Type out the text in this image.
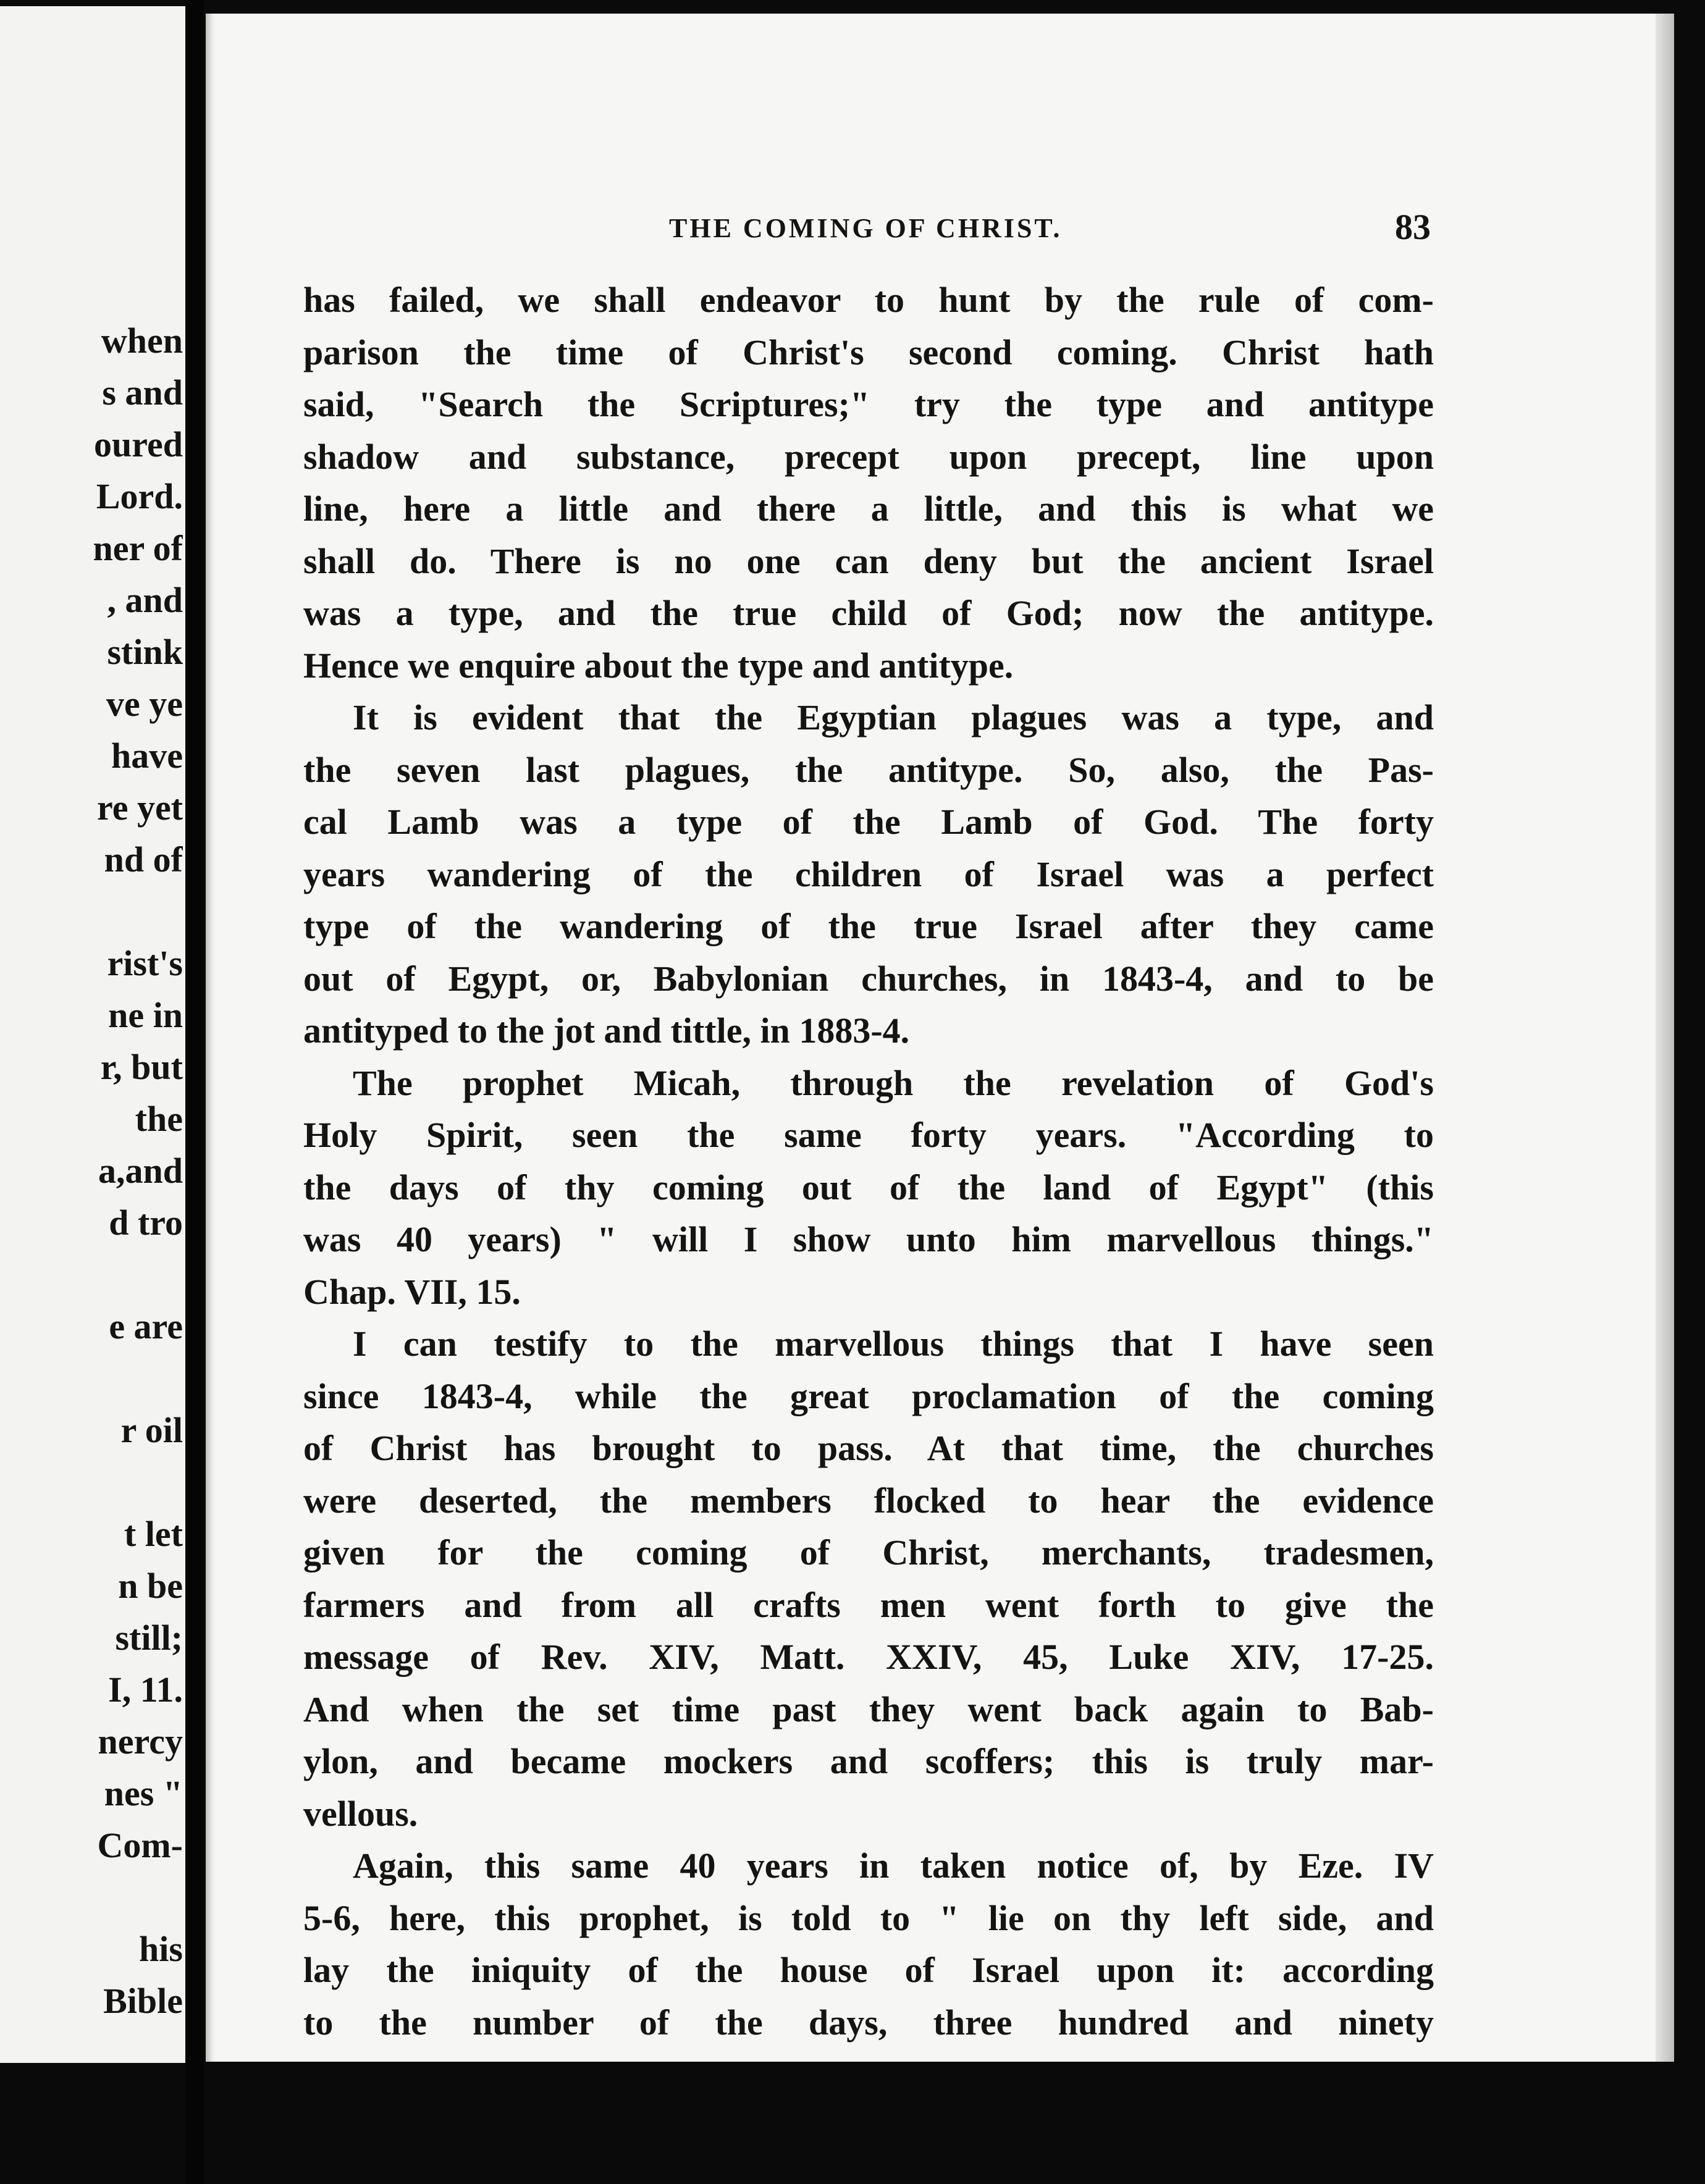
when
s and
oured
Lord.
ner of
, and
stink
ve ye
have
re yet
nd of
rist's
ne in
r, but
the
a,and
d tro
e are
r oil
t let
n be
still;
I, 11.
nercy
nes "
Com-
his
Bible
THE COMING OF CHRIST.	83
has failed, we shall endeavor to hunt by the rule of com-
parison the time of Christ's second coming. Christ hath
said, "Search the Scriptures;" try the type and antitype
shadow and substance, precept upon precept, line upon
line, here a little and there a little, and this is what we
shall do. There is no one can deny but the ancient Israel
was a type, and the true child of God; now the antitype.
Hence we enquire about the type and antitype.
It is evident that the Egyptian plagues was a type, and
the seven last plagues, the antitype. So, also, the Pas-
cal Lamb was a type of the Lamb of God. The forty
years wandering of the children of Israel was a perfect
type of the wandering of the true Israel after they came
out of Egypt, or, Babylonian churches, in 1843-4, and to be
antityped to the jot and tittle, in 1883-4.
The prophet Micah, through the revelation of God's
Holy Spirit, seen the same forty years. "According to
the days of thy coming out of the land of Egypt" (this
was 40 years) " will I show unto him marvellous things."
Chap. VII, 15.
I can testify to the marvellous things that I have seen
since 1843-4, while the great proclamation of the coming
of Christ has brought to pass. At that time, the churches
were deserted, the members flocked to hear the evidence
given for the coming of Christ, merchants, tradesmen,
farmers and from all crafts men went forth to give the
message of Rev. XIV, Matt. XXIV, 45, Luke XIV, 17-25.
And when the set time past they went back again to Bab-
ylon, and became mockers and scoffers; this is truly mar-
vellous.
Again, this same 40 years in taken notice of, by Eze. IV
5-6, here, this prophet, is told to " lie on thy left side, and
lay the iniquity of the house of Israel upon it: according
to the number of the days, three hundred and ninety
